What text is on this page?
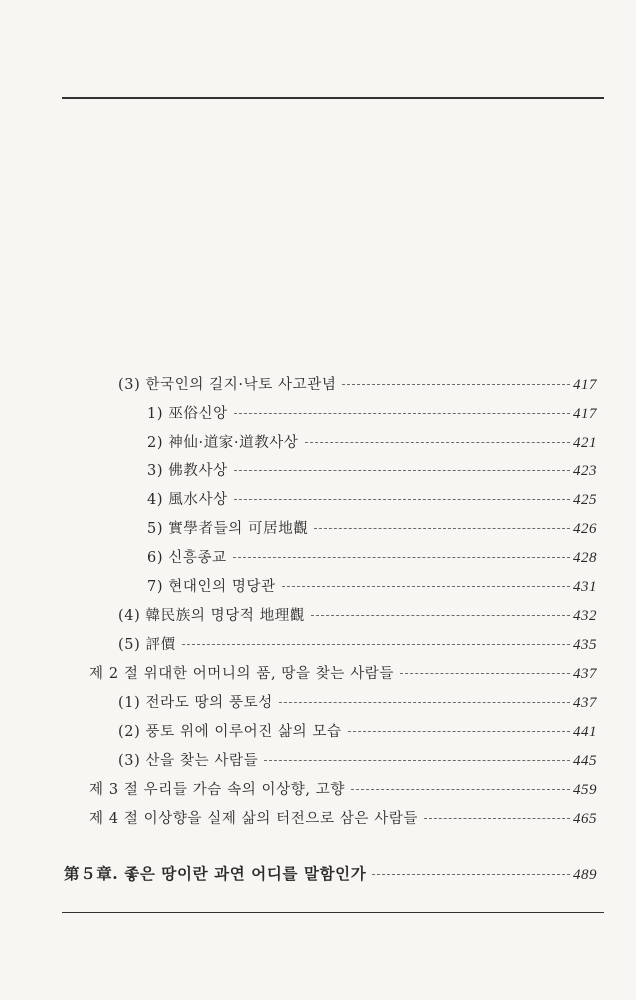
(3) 한국인의 길지·낙토 사고관념	417
1) 巫俗신앙	417
2) 神仙·道家·道教사상	421
3) 佛教사상	423
4) 風水사상	425
5) 實學者들의 可居地觀	426
6) 신흥종교	428
7) 현대인의 명당관	431
(4) 韓民族의 명당적 地理觀	432
(5) 評價	435
제 2 절 위대한 어머니의 품, 땅을 찾는 사람들	437
(1) 전라도 땅의 풍토성	437
(2) 풍토 위에 이루어진 삶의 모습	441
(3) 산을 찾는 사람들	445
제 3 절 우리들 가슴 속의 이상향, 고향	459
제 4 절 이상향을 실제 삶의 터전으로 삼은 사람들	465
第５章. 좋은 땅이란 과연 어디를 말함인가	489
